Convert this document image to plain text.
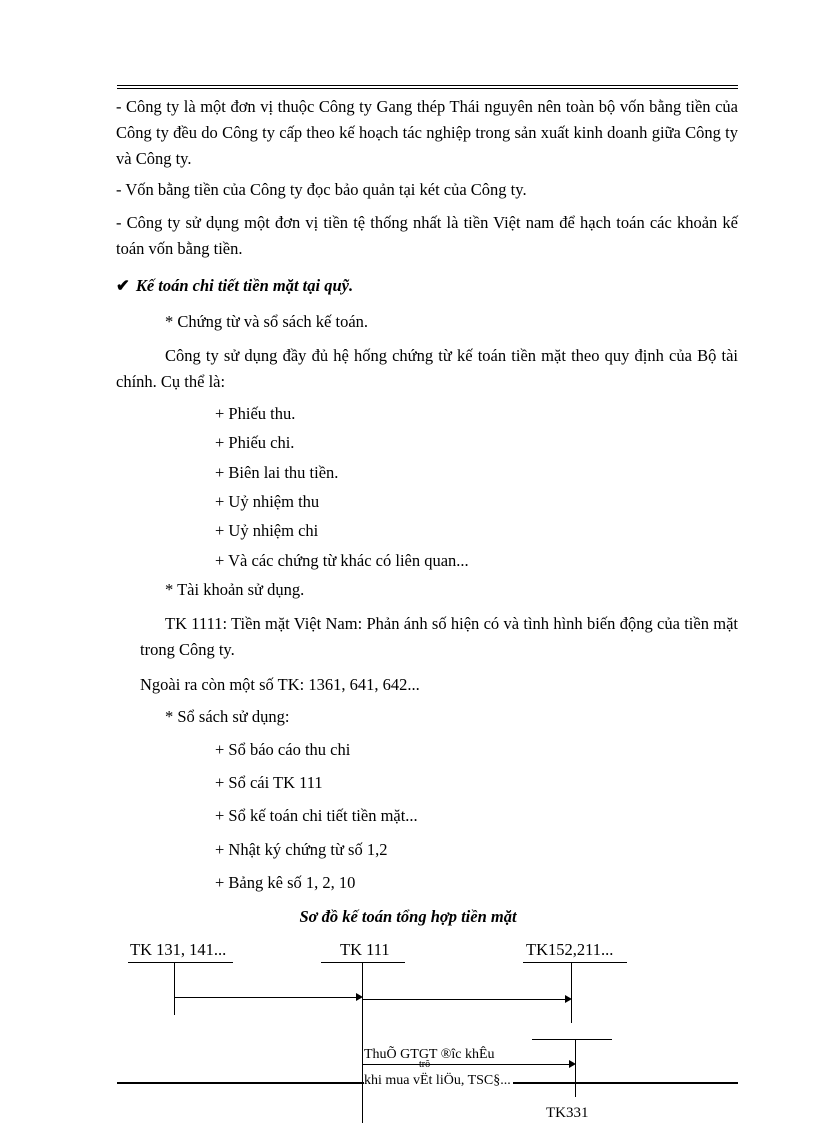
- Công ty là một đơn vị thuộc Công ty Gang thép Thái nguyên nên toàn bộ vốn bằng tiền của Công ty đều do Công ty cấp theo kế hoạch tác nghiệp trong sản xuất kinh doanh giữa Công ty và Công ty.
- Vốn bằng tiền của Công ty đọc bảo quản tại két của Công ty.
- Công ty sử dụng một đơn vị tiền tệ thống nhất là tiền Việt nam để hạch toán các khoản kế toán vốn bằng tiền.
✔ Kế toán chi tiết tiền mặt tại quỹ.
* Chứng từ và sổ sách kế toán.
Công ty sử dụng đầy đủ hệ hống chứng từ kế toán tiền mặt theo quy định của Bộ tài chính. Cụ thể là:
+ Phiếu thu.
+ Phiếu chi.
+ Biên lai thu tiền.
+ Uỷ nhiệm thu
+ Uỷ nhiệm chi
+ Và các chứng từ khác có liên quan...
* Tài khoản sử dụng.
TK 1111: Tiền mặt Việt Nam: Phản ánh số hiện có và tình hình biến động của tiền mặt trong Công ty.
Ngoài ra còn một số TK: 1361, 641, 642...
* Sổ sách sử dụng:
+ Sổ báo cáo thu chi
+ Sổ cái TK 111
+ Sổ kế toán chi tiết tiền mặt...
+ Nhật ký chứng từ số 1,2
+ Bảng kê số 1, 2, 10
Sơ đồ kế toán tổng hợp tiền mặt
TK 131, 141...	TK 111	TK152,211...
ThuÕ GTGT ®îc khÊu
trõ
khi mua vËt liÖu, TSC§...
TK331
